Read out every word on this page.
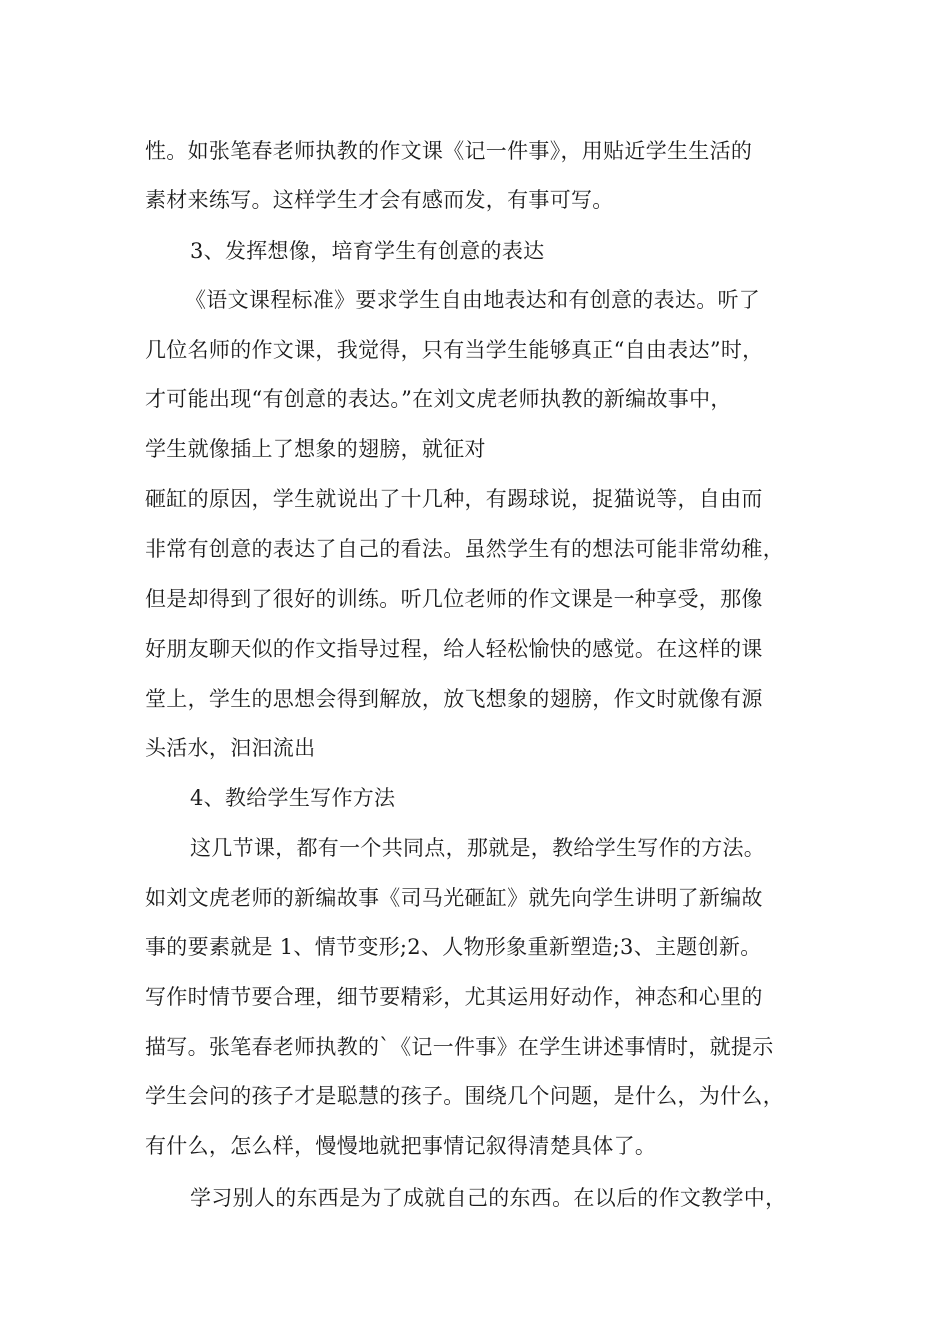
性。如张笔春老师执教的作文课《记一件事》，用贴近学生生活的
素材来练写。这样学生才会有感而发，有事可写。
3、发挥想像，培育学生有创意的表达
《语文课程标准》要求学生自由地表达和有创意的表达。听了
几位名师的作文课，我觉得，只有当学生能够真正“自由表达”时，
才可能出现“有创意的表达。”在刘文虎老师执教的新编故事中，
学生就像插上了想象的翅膀，就征对
砸缸的原因，学生就说出了十几种，有踢球说，捉猫说等，自由而
非常有创意的表达了自己的看法。虽然学生有的想法可能非常幼稚，
但是却得到了很好的训练。听几位老师的作文课是一种享受，那像
好朋友聊天似的作文指导过程，给人轻松愉快的感觉。在这样的课
堂上，学生的思想会得到解放，放飞想象的翅膀，作文时就像有源
头活水，汩汩流出
4、教给学生写作方法
这几节课，都有一个共同点，那就是，教给学生写作的方法。
如刘文虎老师的新编故事《司马光砸缸》就先向学生讲明了新编故
事的要素就是 1、情节变形;2、人物形象重新塑造;3、主题创新。
写作时情节要合理，细节要精彩，尤其运用好动作，神态和心里的
描写。张笔春老师执教的`《记一件事》在学生讲述事情时，就提示
学生会问的孩子才是聪慧的孩子。围绕几个问题，是什么，为什么，
有什么，怎么样，慢慢地就把事情记叙得清楚具体了。
学习别人的东西是为了成就自己的东西。在以后的作文教学中，
